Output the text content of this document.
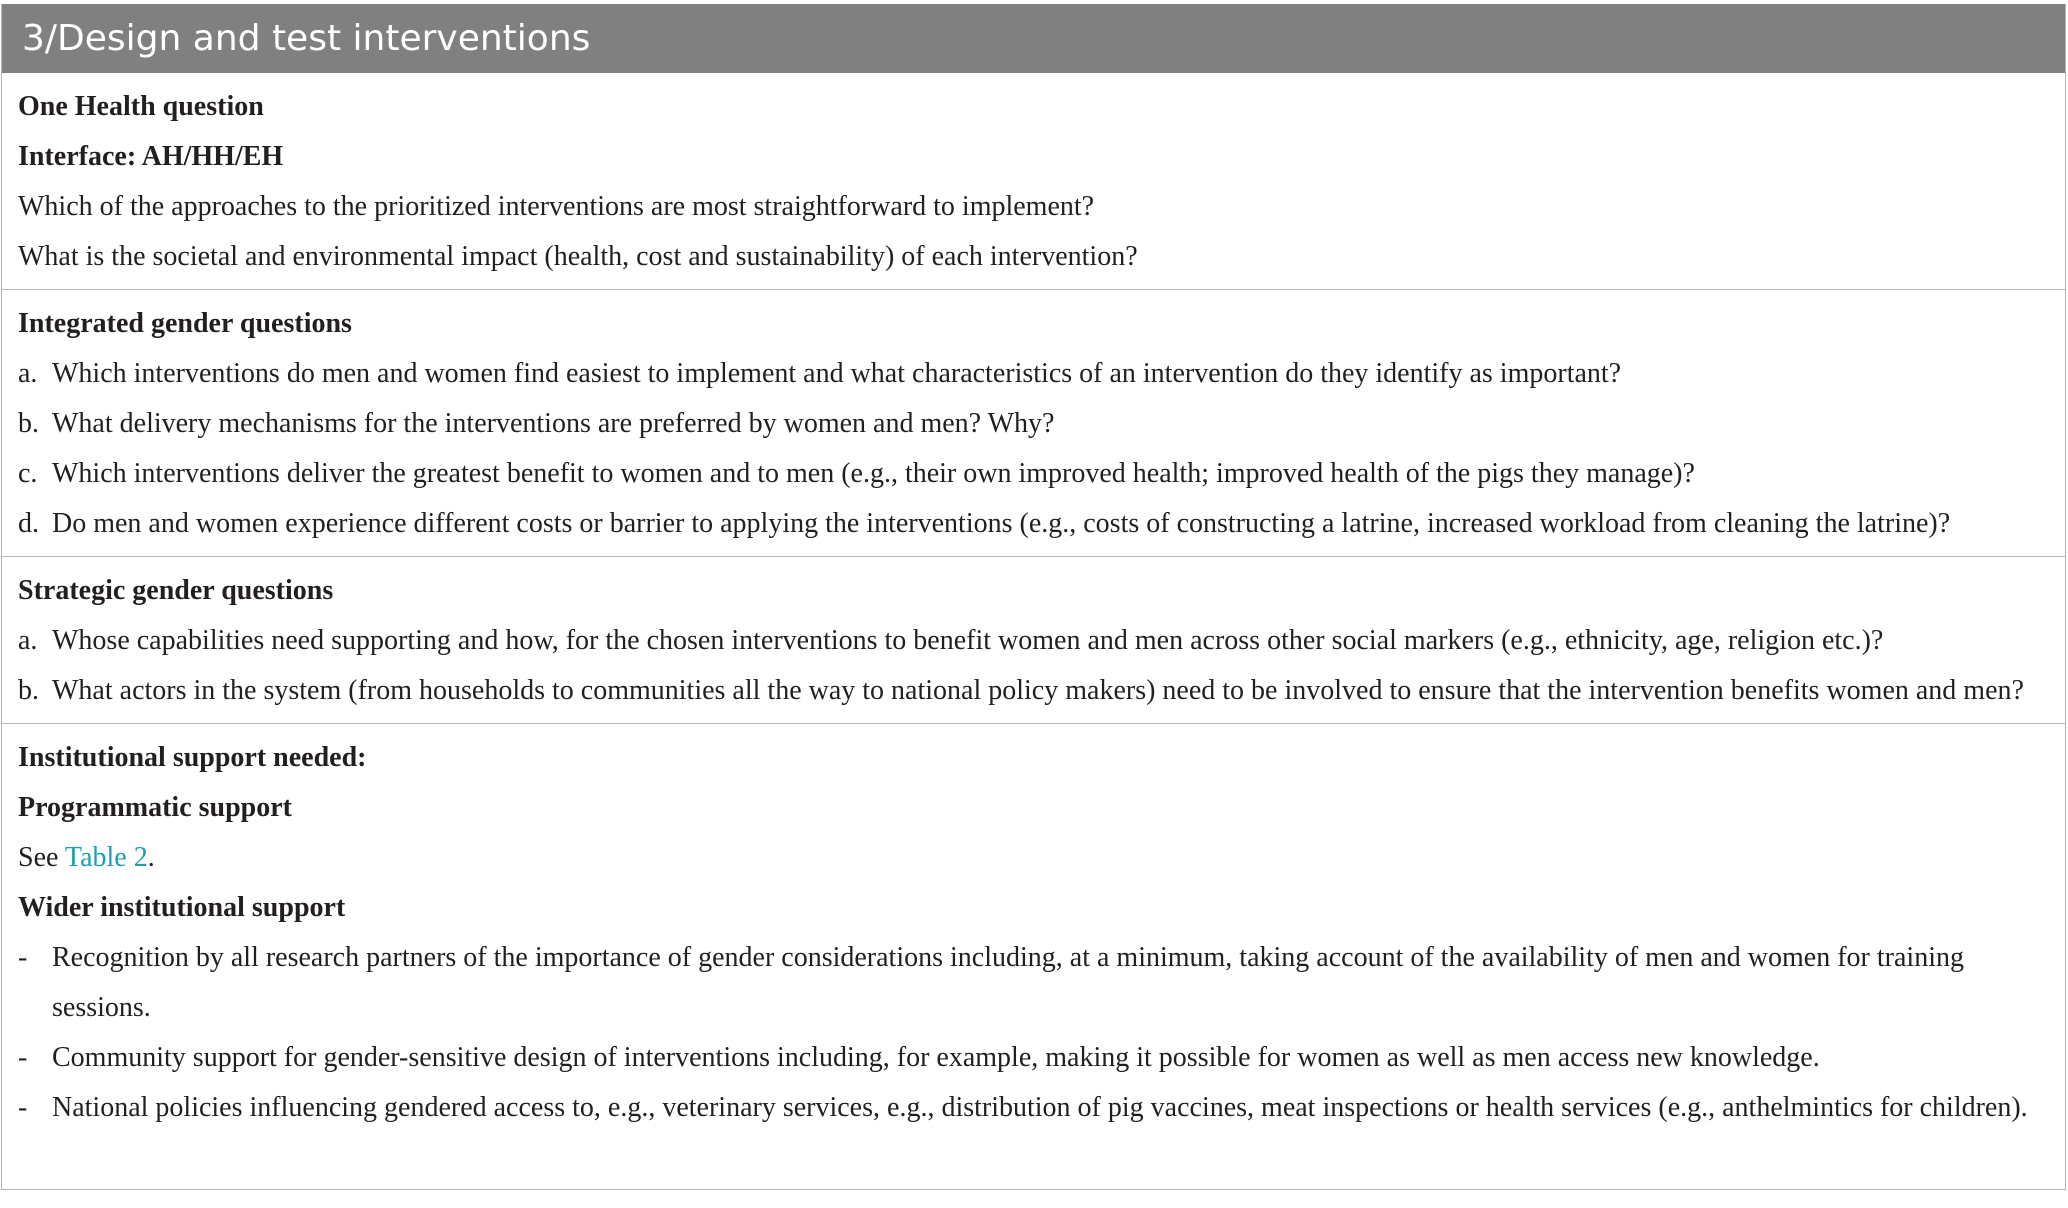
3/Design and test interventions
One Health question
Interface: AH/HH/EH
Which of the approaches to the prioritized interventions are most straightforward to implement?
What is the societal and environmental impact (health, cost and sustainability) of each intervention?
Integrated gender questions
a. Which interventions do men and women find easiest to implement and what characteristics of an intervention do they identify as important?
b. What delivery mechanisms for the interventions are preferred by women and men? Why?
c. Which interventions deliver the greatest benefit to women and to men (e.g., their own improved health; improved health of the pigs they manage)?
d. Do men and women experience different costs or barrier to applying the interventions (e.g., costs of constructing a latrine, increased workload from cleaning the latrine)?
Strategic gender questions
a. Whose capabilities need supporting and how, for the chosen interventions to benefit women and men across other social markers (e.g., ethnicity, age, religion etc.)?
b. What actors in the system (from households to communities all the way to national policy makers) need to be involved to ensure that the intervention benefits women and men?
Institutional support needed:
Programmatic support
See Table 2.
Wider institutional support
- Recognition by all research partners of the importance of gender considerations including, at a minimum, taking account of the availability of men and women for training sessions.
- Community support for gender-sensitive design of interventions including, for example, making it possible for women as well as men access new knowledge.
- National policies influencing gendered access to, e.g., veterinary services, e.g., distribution of pig vaccines, meat inspections or health services (e.g., anthelmintics for children).
